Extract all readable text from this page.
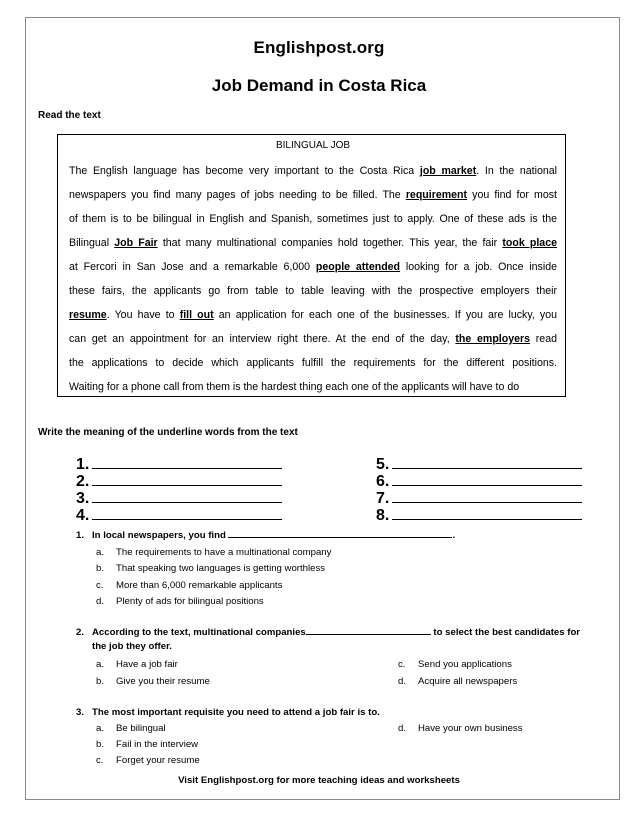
Englishpost.org
Job Demand in Costa Rica
Read the text
BILINGUAL JOB
The English language has become very important to the Costa Rica job market. In the national
newspapers you find many pages of jobs needing to be filled. The requirement you find for most
of them is to be bilingual in English and Spanish, sometimes just to apply. One of these ads is the
Bilingual Job Fair that many multinational companies hold together. This year, the fair took place
at Fercori in San Jose and a remarkable 6,000 people attended looking for a job. Once inside
these fairs, the applicants go from table to table leaving with the prospective employers their
resume. You have to fill out an application for each one of the businesses. If you are lucky, you
can get an appointment for an interview right there. At the end of the day, the employers read
the applications to decide which applicants fulfill the requirements for the different positions.
Waiting for a phone call from them is the hardest thing each one of the applicants will have to do
Write the meaning of the underline words from the text
1.
2.
3.
4.
5.
6.
7.
8.
1. In local newspapers, you find	.
a. The requirements to have a multinational company
b. That speaking two languages is getting worthless
c. More than 6,000 remarkable applicants
d. Plenty of ads for bilingual positions
2. According to the text, multinational companies	to select the best candidates for
the job they offer.
a. Have a job fair
b. Give you their resume
c. Send you applications
d. Acquire all newspapers
3. The most important requisite you need to attend a job fair is to.
a. Be bilingual
b. Fail in the interview
c. Forget your resume
d. Have your own business
Visit Englishpost.org for more teaching ideas and worksheets
